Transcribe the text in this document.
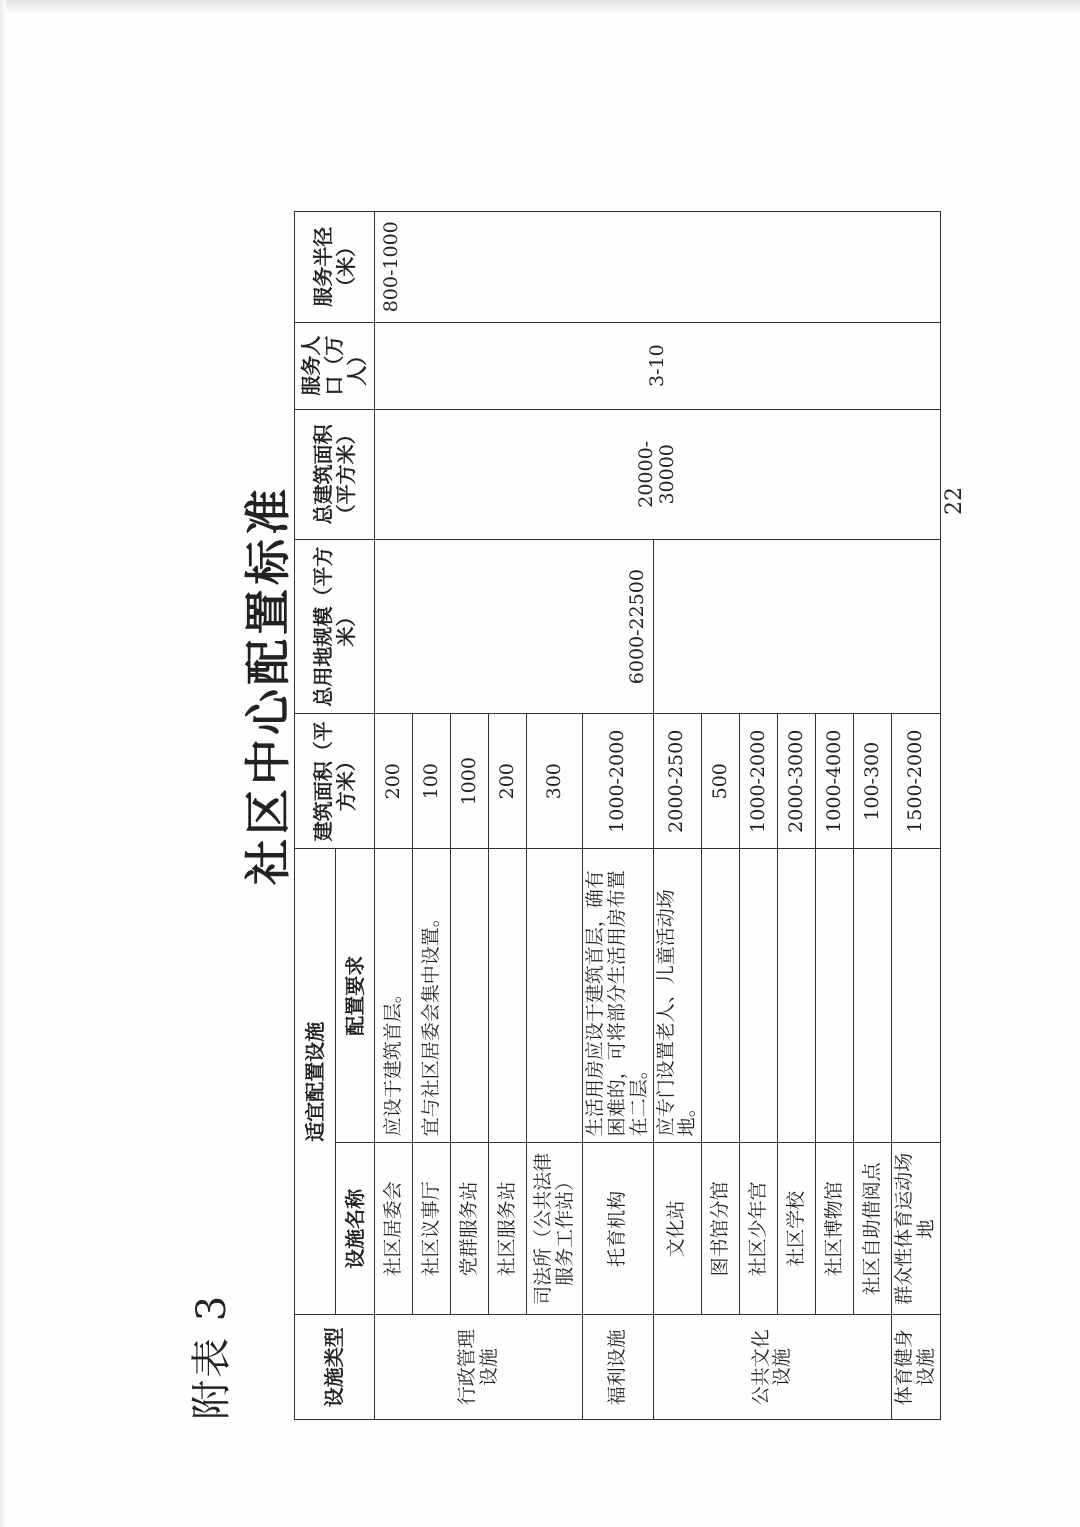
附表 3
社区中心配置标准
设施类型	适宜配置设施		建筑面积（平方米）	总用地规模（平方米）	总建筑面积（平方米）	服务人口（万人）	服务半径（米）
	设施名称	配置要求					
行政管理设施	社区居委会	应设于建筑首层。	200	6000-22500	20000-30000	3-10	800-1000
	社区议事厅	宜与社区居委会集中设置。	100				
	党群服务站		1000				
	社区服务站		200				
	司法所（公共法律服务工作站）		300				
福利设施	托育机构	生活用房应设于建筑首层，确有困难的，可将部分生活用房布置在二层。	1000-2000				
公共文化设施	文化站	应专门设置老人、儿童活动场地。	2000-2500				
	图书馆分馆		500				
	社区少年宫		1000-2000				
	社区学校		2000-3000				
	社区博物馆		1000-4000				
	社区自助借阅点		100-300				
体育健身设施	群众性体育运动场地		1500-2000				
22
